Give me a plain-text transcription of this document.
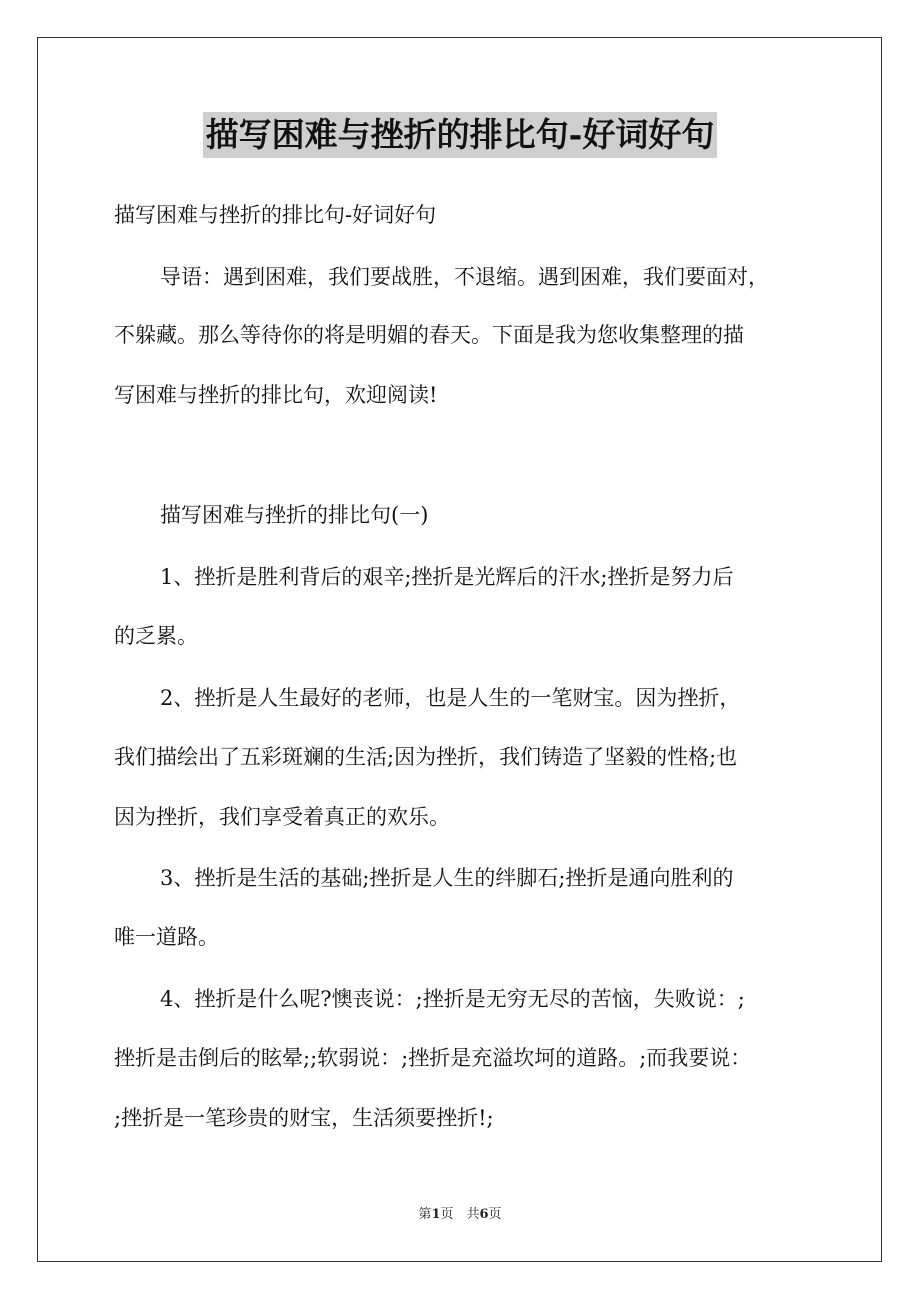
描写困难与挫折的排比句-好词好句
描写困难与挫折的排比句-好词好句
导语：遇到困难，我们要战胜，不退缩。遇到困难，我们要面对，
不躲藏。那么等待你的将是明媚的春天。下面是我为您收集整理的描
写困难与挫折的排比句，欢迎阅读!
描写困难与挫折的排比句(一)
1、挫折是胜利背后的艰辛;挫折是光辉后的汗水;挫折是努力后
的乏累。
2、挫折是人生最好的老师，也是人生的一笔财宝。因为挫折，
我们描绘出了五彩斑斓的生活;因为挫折，我们铸造了坚毅的性格;也
因为挫折，我们享受着真正的欢乐。
3、挫折是生活的基础;挫折是人生的绊脚石;挫折是通向胜利的
唯一道路。
4、挫折是什么呢?懊丧说：;挫折是无穷无尽的苦恼，失败说：;
挫折是击倒后的眩晕;;软弱说：;挫折是充溢坎坷的道路。;而我要说：
;挫折是一笔珍贵的财宝，生活须要挫折!;
第1页　共6页
